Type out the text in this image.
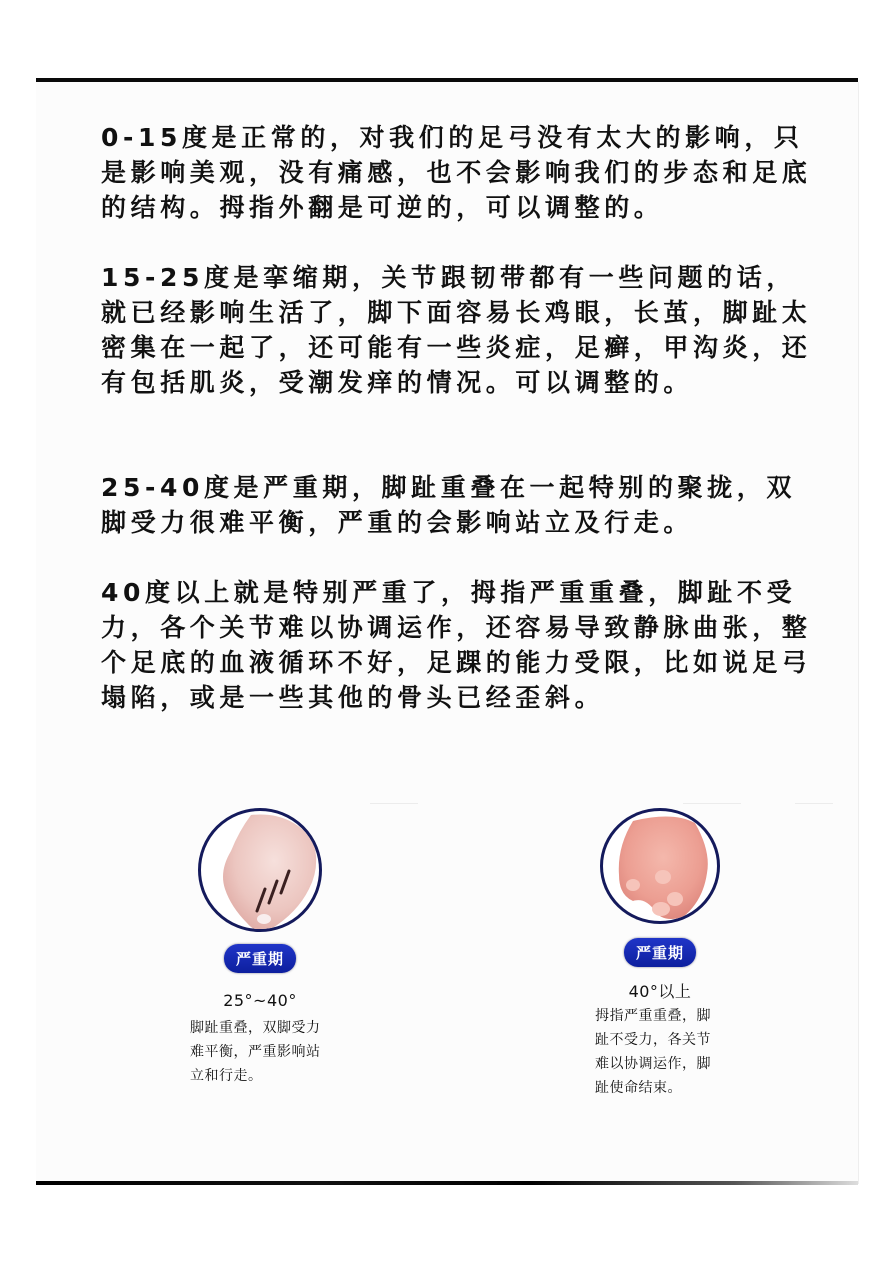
0-15度是正常的，对我们的足弓没有太大的影响，只是影响美观，没有痛感，也不会影响我们的步态和足底的结构。拇指外翻是可逆的，可以调整的。

15-25度是挛缩期，关节跟韧带都有一些问题的话，就已经影响生活了，脚下面容易长鸡眼，长茧，脚趾太密集在一起了，还可能有一些炎症，足癣，甲沟炎，还有包括肌炎，受潮发痒的情况。可以调整的。

25-40度是严重期，脚趾重叠在一起特别的聚拢，双脚受力很难平衡，严重的会影响站立及行走。

40度以上就是特别严重了，拇指严重重叠，脚趾不受力，各个关节难以协调运作，还容易导致静脉曲张，整个足底的血液循环不好，足踝的能力受限，比如说足弓塌陷，或是一些其他的骨头已经歪斜。

严重期
25°~40°
脚趾重叠，双脚受力难平衡，严重影响站立和行走。
严重期
40°以上
拇指严重重叠，脚趾不受力，各关节难以协调运作，脚趾使命结束。
